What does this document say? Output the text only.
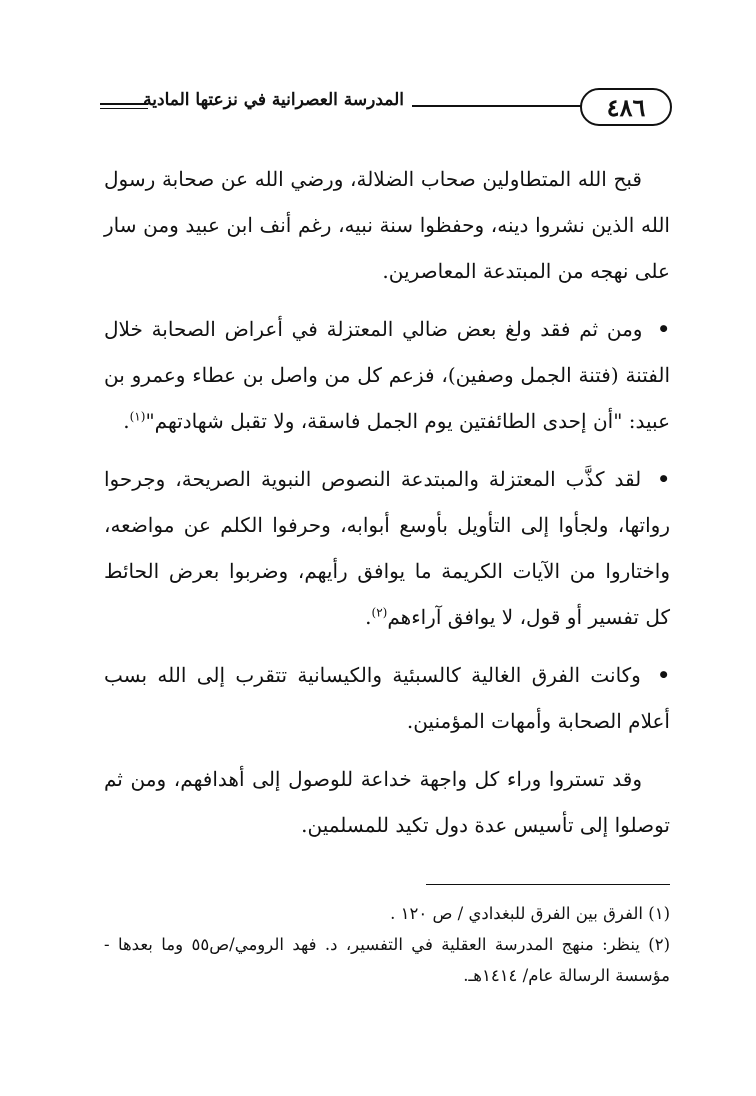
المدرسة العصرانية في نزعتها المادية	٤٨٦

قبح الله المتطاولين صحاب الضلالة، ورضي الله عن صحابة رسول الله الذين نشروا دينه، وحفظوا سنة نبيه، رغم أنف ابن عبيد ومن سار على نهجه من المبتدعة المعاصرين.

• ومن ثم فقد ولغ بعض ضالي المعتزلة في أعراض الصحابة خلال الفتنة (فتنة الجمل وصفين)، فزعم كل من واصل بن عطاء وعمرو بن عبيد: "أن إحدى الطائفتين يوم الجمل فاسقة، ولا تقبل شهادتهم"$^{(١)}$.

• لقد كذَّب المعتزلة والمبتدعة النصوص النبوية الصريحة، وجرحوا رواتها، ولجأوا إلى التأويل بأوسع أبوابه، وحرفوا الكلم عن مواضعه، واختاروا من الآيات الكريمة ما يوافق رأيهم، وضربوا بعرض الحائط كل تفسير أو قول، لا يوافق آراءهم$^{(٢)}$.

• وكانت الفرق الغالية كالسبئية والكيسانية تتقرب إلى الله بسب أعلام الصحابة وأمهات المؤمنين.

وقد تستروا وراء كل واجهة خداعة للوصول إلى أهدافهم، ومن ثم توصلوا إلى تأسيس عدة دول تكيد للمسلمين.

(١) الفرق بين الفرق للبغدادي / ص ١٢٠ .

(٢) ينظر: منهج المدرسة العقلية في التفسير، د. فهد الرومي/ص٥٥ وما بعدها - مؤسسة الرسالة عام/ ١٤١٤هـ.
